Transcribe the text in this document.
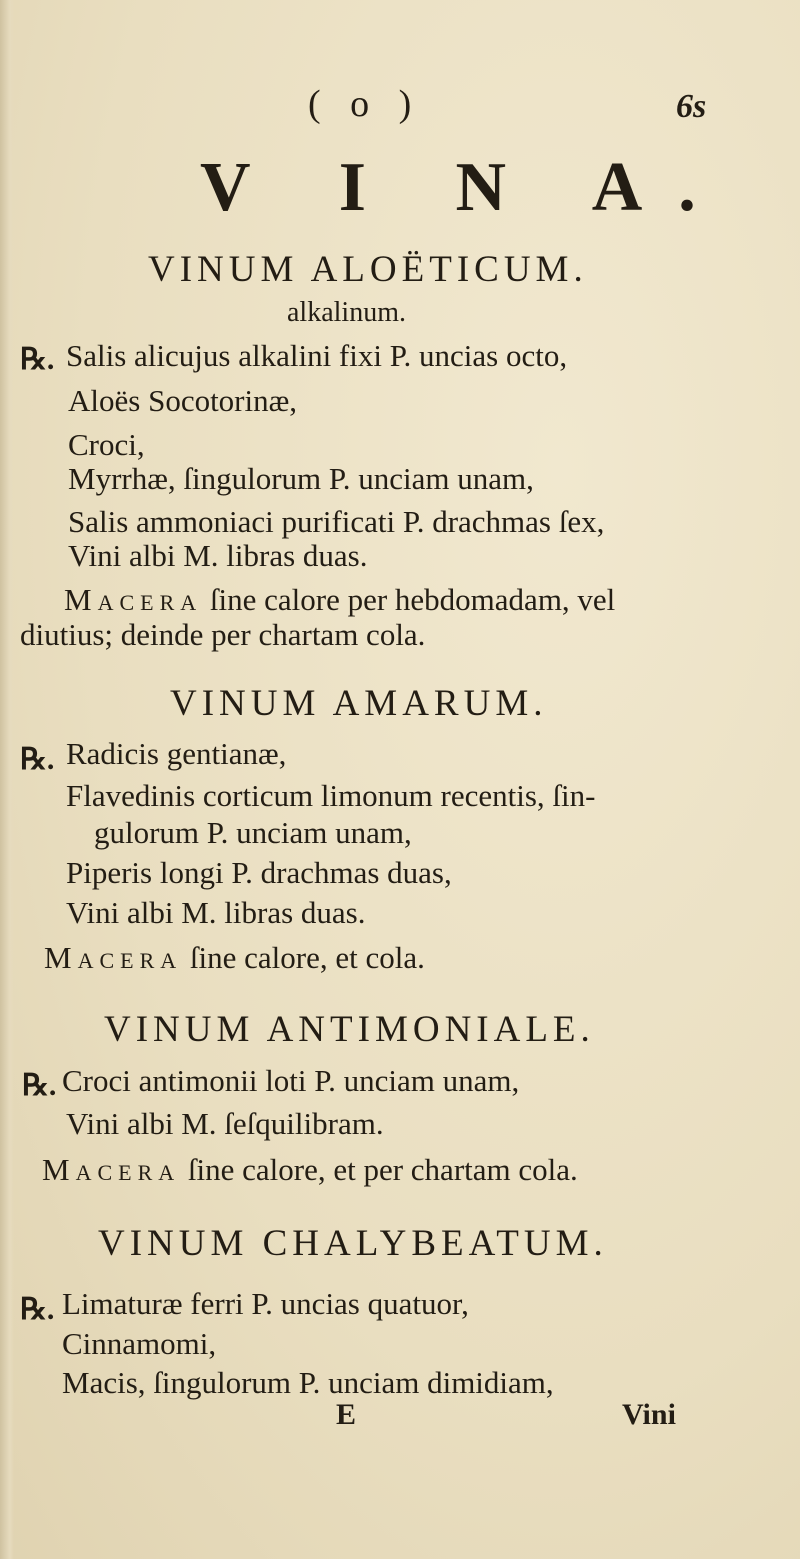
( o )	6s
V I N A.
VINUM ALOËTICUM.
alkalinum.
℞. Salis alicujus alkalini fixi P. uncias octo,
Aloës Socotorinæ,
Croci,
Myrrhæ, ſingulorum P. unciam unam,
Salis ammoniaci purificati P. drachmas ſex,
Vini albi M. libras duas.
Macera ſine calore per hebdomadam, vel
diutius; deinde per chartam cola.
VINUM AMARUM.
℞. Radicis gentianæ,
Flavedinis corticum limonum recentis, ſin-
gulorum P. unciam unam,
Piperis longi P. drachmas duas,
Vini albi M. libras duas.
Macera ſine calore, et cola.
VINUM ANTIMONIALE.
℞. Croci antimonii loti P. unciam unam,
Vini albi M. ſeſquilibram.
Macera ſine calore, et per chartam cola.
VINUM CHALYBEATUM.
℞. Limaturæ ferri P. uncias quatuor,
Cinnamomi,
Macis, ſingulorum P. unciam dimidiam,
E	Vini
